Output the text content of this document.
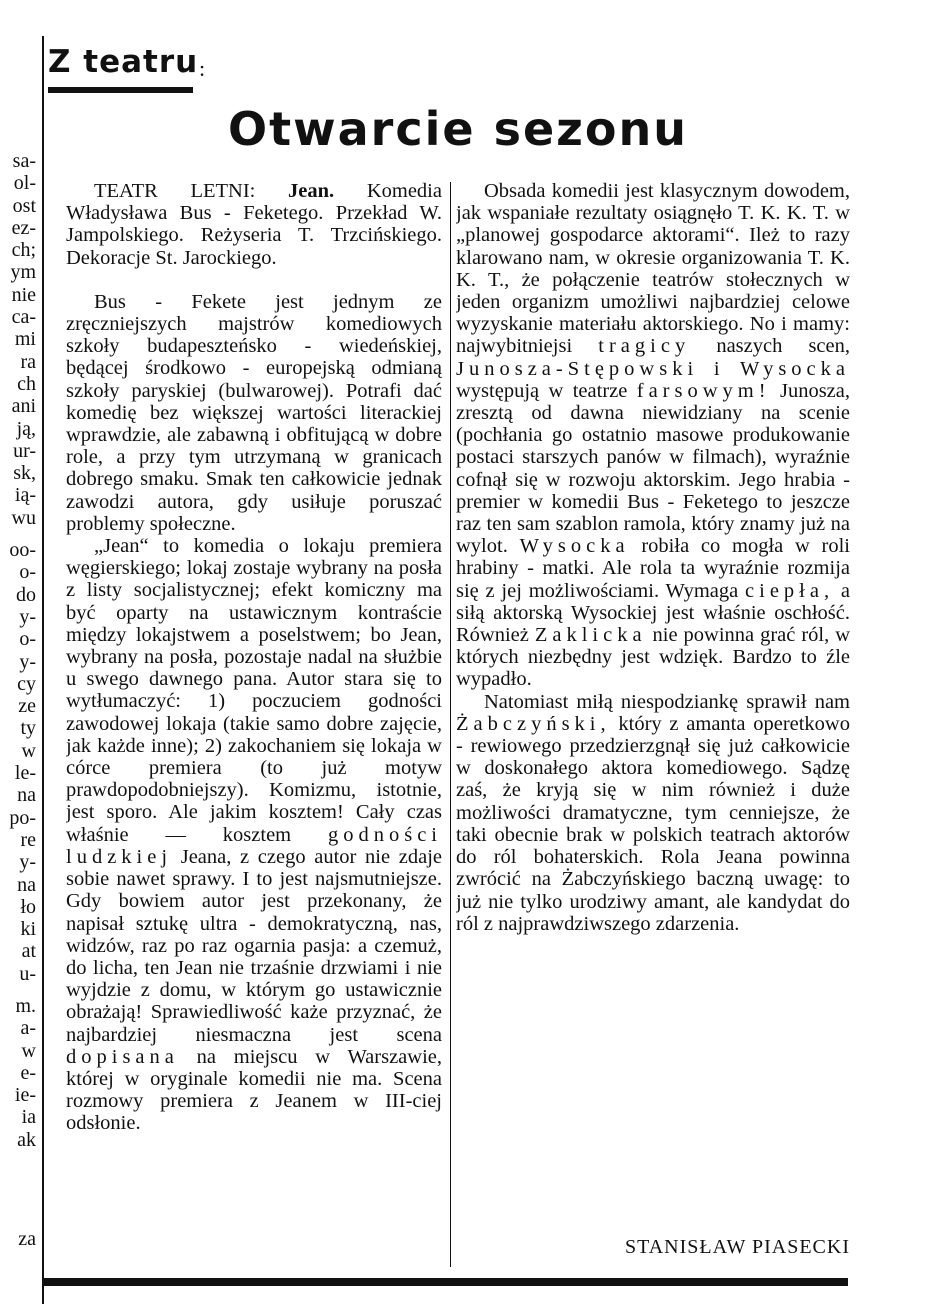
sa-
ol-
ost
ez-
ch;
ym
nie
ca-
mi
ra
ch
ani
ją,
ur-
sk,
ią-
wu
oo-
o-
do
y-
o-
y-
cy
ze
ty
w
le-
na
po-
re
y-
na
ło
ki
at
u-
m.
a-
w
e-
ie-
ia
ak
za
Z teatru :
Otwarcie sezonu

TEATR LETNI: Jean. Komedia Władysława Bus - Feketego. Przekład W. Jampolskiego. Reżyseria T. Trzcińskiego. Dekoracje St. Jarockiego.

Bus - Fekete jest jednym ze zręczniejszych majstrów komediowych szkoły budapeszteńsko - wiedeńskiej, będącej środkowo - europejską odmianą szkoły paryskiej (bulwarowej). Potrafi dać komedię bez większej wartości literackiej wprawdzie, ale zabawną i obfitującą w dobre role, a przy tym utrzymaną w granicach dobrego smaku. Smak ten całkowicie jednak zawodzi autora, gdy usiłuje poruszać problemy społeczne.

„Jean“ to komedia o lokaju premiera węgierskiego; lokaj zostaje wybrany na posła z listy socjalistycznej; efekt komiczny ma być oparty na ustawicznym kontraście między lokajstwem a poselstwem; bo Jean, wybrany na posła, pozostaje nadal na służbie u swego dawnego pana. Autor stara się to wytłumaczyć: 1) poczuciem godności zawodowej lokaja (takie samo dobre zajęcie, jak każde inne); 2) zakochaniem się lokaja w córce premiera (to już motyw prawdopodobniejszy). Komizmu, istotnie, jest sporo. Ale jakim kosztem! Cały czas właśnie — kosztem godności ludzkiej Jeana, z czego autor nie zdaje sobie nawet sprawy. I to jest najsmutniejsze. Gdy bowiem autor jest przekonany, że napisał sztukę ultra - demokratyczną, nas, widzów, raz po raz ogarnia pasja: a czemuż, do licha, ten Jean nie trzaśnie drzwiami i nie wyjdzie z domu, w którym go ustawicznie obrażają! Sprawiedliwość każe przyznać, że najbardziej niesmaczna jest scena dopisana na miejscu w Warszawie, której w oryginale komedii nie ma. Scena rozmowy premiera z Jeanem w III-ciej odsłonie.

Obsada komedii jest klasycznym dowodem, jak wspaniałe rezultaty osiągnęło T. K. K. T. w „planowej gospodarce aktorami“. Ileż to razy klarowano nam, w okresie organizowania T. K. K. T., że połączenie teatrów stołecznych w jeden organizm umożliwi najbardziej celowe wyzyskanie materiału aktorskiego. No i mamy: najwybitniejsi tragicy naszych scen, Junosza-Stępowski i Wysocka występują w teatrze farsowym! Junosza, zresztą od dawna niewidziany na scenie (pochłania go ostatnio masowe produkowanie postaci starszych panów w filmach), wyraźnie cofnął się w rozwoju aktorskim. Jego hrabia - premier w komedii Bus - Feketego to jeszcze raz ten sam szablon ramola, który znamy już na wylot. Wysocka robiła co mogła w roli hrabiny - matki. Ale rola ta wyraźnie rozmija się z jej możliwościami. Wymaga ciepła, a siłą aktorską Wysockiej jest właśnie oschłość. Również Zaklicka nie powinna grać ról, w których niezbędny jest wdzięk. Bardzo to źle wypadło.

Natomiast miłą niespodziankę sprawił nam Żabczyński, który z amanta operetkowo - rewiowego przedzierzgnął się już całkowicie w doskonałego aktora komediowego. Sądzę zaś, że kryją się w nim również i duże możliwości dramatyczne, tym cenniejsze, że taki obecnie brak w polskich teatrach aktorów do ról bohaterskich. Rola Jeana powinna zwrócić na Żabczyńskiego baczną uwagę: to już nie tylko urodziwy amant, ale kandydat do ról z najprawdziwszego zdarzenia.

STANISŁAW PIASECKI
